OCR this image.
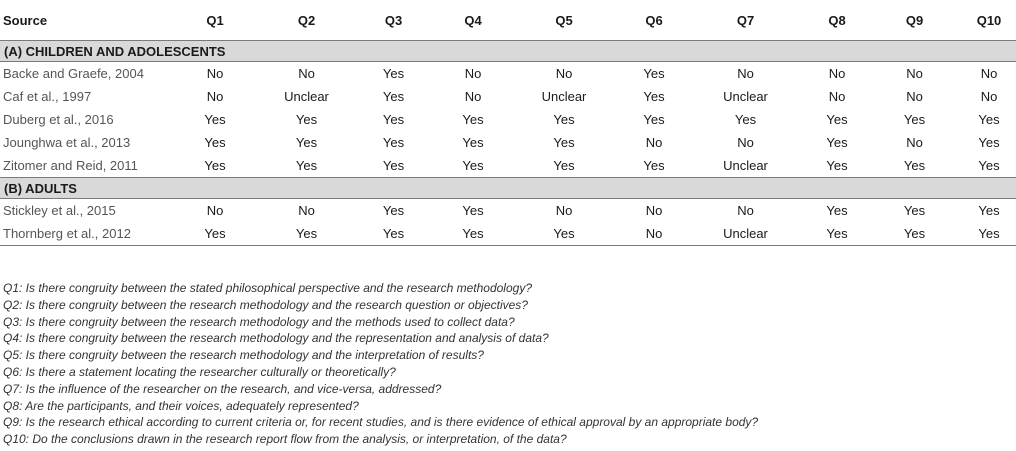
Source	Q1	Q2	Q3	Q4	Q5	Q6	Q7	Q8	Q9	Q10
(A) CHILDREN AND ADOLESCENTS										
Backe and Graefe, 2004	No	No	Yes	No	No	Yes	No	No	No	No
Caf et al., 1997	No	Unclear	Yes	No	Unclear	Yes	Unclear	No	No	No
Duberg et al., 2016	Yes	Yes	Yes	Yes	Yes	Yes	Yes	Yes	Yes	Yes
Jounghwa et al., 2013	Yes	Yes	Yes	Yes	Yes	No	No	Yes	No	Yes
Zitomer and Reid, 2011	Yes	Yes	Yes	Yes	Yes	Yes	Unclear	Yes	Yes	Yes
(B) ADULTS										
Stickley et al., 2015	No	No	Yes	Yes	No	No	No	Yes	Yes	Yes
Thornberg et al., 2012	Yes	Yes	Yes	Yes	Yes	No	Unclear	Yes	Yes	Yes
Q1: Is there congruity between the stated philosophical perspective and the research methodology?
Q2: Is there congruity between the research methodology and the research question or objectives?
Q3: Is there congruity between the research methodology and the methods used to collect data?
Q4: Is there congruity between the research methodology and the representation and analysis of data?
Q5: Is there congruity between the research methodology and the interpretation of results?
Q6: Is there a statement locating the researcher culturally or theoretically?
Q7: Is the influence of the researcher on the research, and vice-versa, addressed?
Q8: Are the participants, and their voices, adequately represented?
Q9: Is the research ethical according to current criteria or, for recent studies, and is there evidence of ethical approval by an appropriate body?
Q10: Do the conclusions drawn in the research report flow from the analysis, or interpretation, of the data?
